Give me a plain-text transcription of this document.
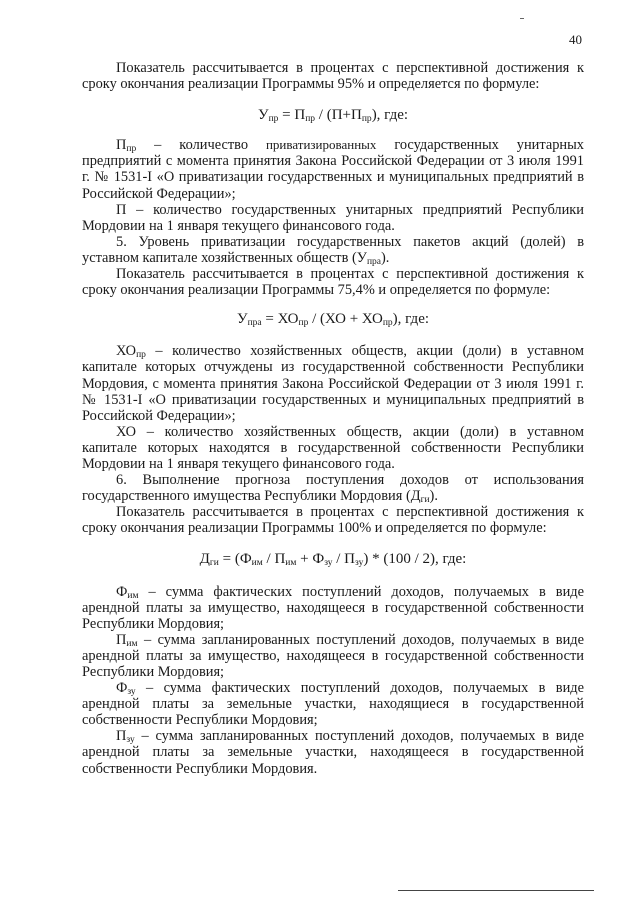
40

Показатель рассчитывается в процентах с перспективной достижения к сроку окончания реализации Программы 95% и определяется по формуле:

$У_{пр} = П_{пр} / (П+П_{пр})$, где:

$П_{пр}$ – количество приватизированных государственных унитарных предприятий с момента принятия Закона Российской Федерации от 3 июля 1991 г. № 1531-I «О приватизации государственных и муниципальных предприятий в Российской Федерации»;

П – количество государственных унитарных предприятий Республики Мордовии на 1 января текущего финансового года.

5. Уровень приватизации государственных пакетов акций (долей) в уставном капитале хозяйственных обществ $(У_{пра})$.

Показатель рассчитывается в процентах с перспективной достижения к сроку окончания реализации Программы 75,4% и определяется по формуле:

$У_{пра} = ХО_{пр} / (ХО + ХО_{пр})$, где:

$ХО_{пр}$ – количество хозяйственных обществ, акции (доли) в уставном капитале которых отчуждены из государственной собственности Республики Мордовия, с момента принятия Закона Российской Федерации от 3 июля 1991 г. № 1531-I «О приватизации государственных и муниципальных предприятий в Российской Федерации»;

ХО – количество хозяйственных обществ, акции (доли) в уставном капитале которых находятся в государственной собственности Республики Мордовии на 1 января текущего финансового года.

6. Выполнение прогноза поступления доходов от использования государственного имущества Республики Мордовия $(Д_{ги})$.

Показатель рассчитывается в процентах с перспективной достижения к сроку окончания реализации Программы 100% и определяется по формуле:

$Д_{ги} = (Ф_{им} / П_{им} + Ф_{зу} / П_{зу}) * (100 / 2)$, где:

$Ф_{им}$ – сумма фактических поступлений доходов, получаемых в виде арендной платы за имущество, находящееся в государственной собственности Республики Мордовия;

$П_{им}$ – сумма запланированных поступлений доходов, получаемых в виде арендной платы за имущество, находящееся в государственной собственности Республики Мордовия;

$Ф_{зу}$ – сумма фактических поступлений доходов, получаемых в виде арендной платы за земельные участки, находящиеся в государственной собственности Республики Мордовия;

$П_{зу}$ – сумма запланированных поступлений доходов, получаемых в виде арендной платы за земельные участки, находящееся в государственной собственности Республики Мордовия.
